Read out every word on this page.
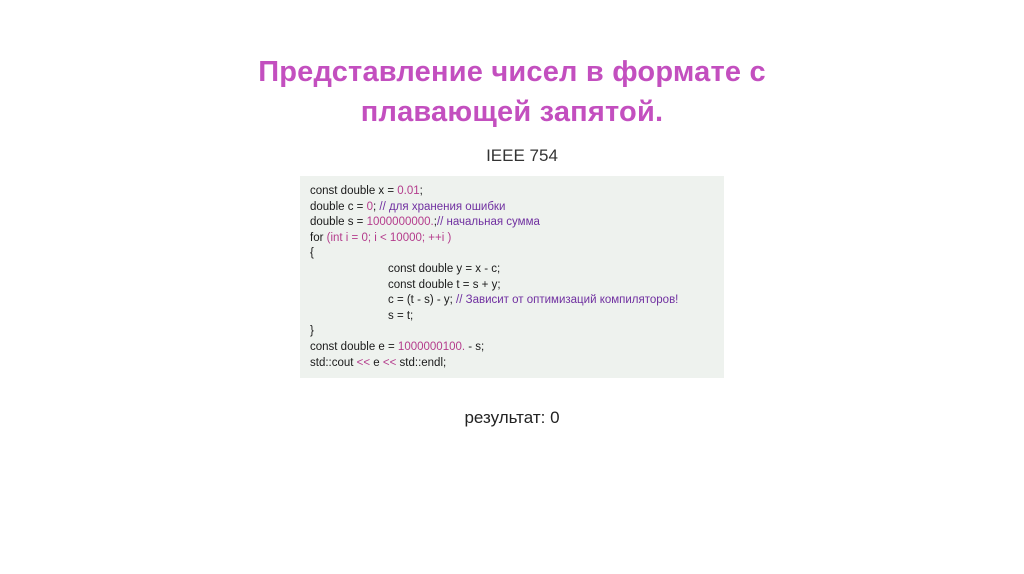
Представление чисел в формате с плавающей запятой.
IEEE 754
const double x = 0.01;
double c = 0; // для хранения ошибки
double s = 1000000000.;// начальная сумма
for (int i = 0; i < 10000; ++i )
{
const double y = x - c;
const double t = s + y;
c = (t - s) - y; // Зависит от оптимизаций компиляторов!
s = t;
}
const double e = 1000000100. - s;
std::cout << e << std::endl;
результат: 0
